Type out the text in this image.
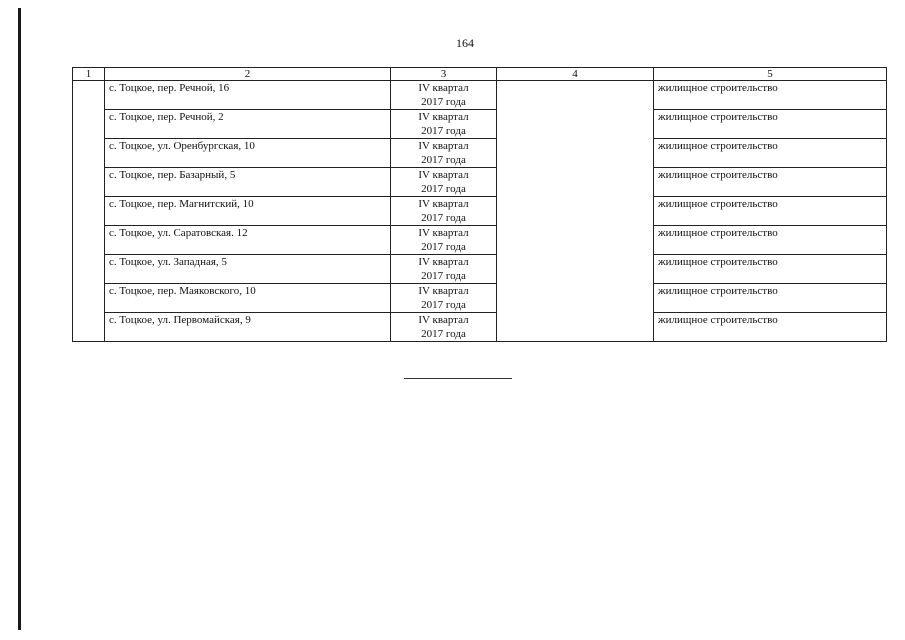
164
1	2	3	4	5
	с. Тоцкое, пер. Речной, 16	IV квартал
2017 года		жилищное строительство
	с. Тоцкое, пер. Речной, 2	IV квартал
2017 года		жилищное строительство
	с. Тоцкое, ул. Оренбургская, 10	IV квартал
2017 года		жилищное строительство
	с. Тоцкое, пер. Базарный, 5	IV квартал
2017 года		жилищное строительство
	с. Тоцкое, пер. Магнитский, 10	IV квартал
2017 года		жилищное строительство
	с. Тоцкое, ул. Саратовская. 12	IV квартал
2017 года		жилищное строительство
	с. Тоцкое, ул. Западная, 5	IV квартал
2017 года		жилищное строительство
	с. Тоцкое, пер. Маяковского, 10	IV квартал
2017 года		жилищное строительство
	с. Тоцкое, ул. Первомайская, 9	IV квартал
2017 года		жилищное строительство
